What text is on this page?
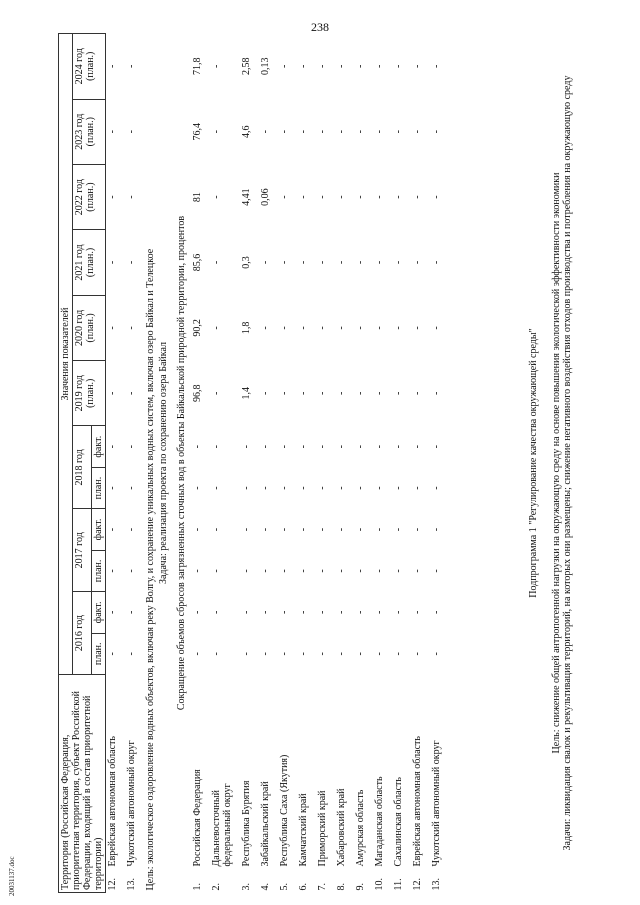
238
20031137.doc	Территория (Российская Федерация, приоритетная территория, субъект Российской Федерации, входящий в состав приоритетной территории)		Значения показателей											
		2016 год		2017 год		2018 год		2019 год (план.)	2020 год (план.)	2021 год (план.)	2022 год (план.)	2023 год (план.)	2024 год (план.)
		план.	факт.	план.	факт.	план.	факт.						
12.	Еврейская автономная область	-	-	-	-	-	-	-	-	-	-	-	-
13.	Чукотский автономный округ	-	-	-	-	-	-	-	-	-	-	-	-
Цель: экологическое оздоровление водных объектов, включая реку Волгу, и сохранение уникальных водных систем, включая озеро Байкал и Телецкое													
Задача: реализация проекта по сохранению озера Байкал													
Сокращение объемов сбросов загрязненных сточных вод в объекты Байкальской природной территории, процентов													
1.	Российская Федерация	-	-	-	-	-	-	96,8	90,2	85,6	81	76,4	71,8
2.	Дальневосточный федеральный округ	-	-	-	-	-	-	-	-	-	-	-	-
3.	Республика Бурятия	-	-	-	-	-	-	1,4	1,8	0,3	4,41	4,6	2,58
4.	Забайкальский край	-	-	-	-	-	-	-	-	-	0,06	-	0,13
5.	Республика Саха (Якутия)	-	-	-	-	-	-	-	-	-	-	-	-
6.	Камчатский край	-	-	-	-	-	-	-	-	-	-	-	-
7.	Приморский край	-	-	-	-	-	-	-	-	-	-	-	-
8.	Хабаровский край	-	-	-	-	-	-	-	-	-	-	-	-
9.	Амурская область	-	-	-	-	-	-	-	-	-	-	-	-
10.	Магаданская область	-	-	-	-	-	-	-	-	-	-	-	-
11.	Сахалинская область	-	-	-	-	-	-	-	-	-	-	-	-
12.	Еврейская автономная область	-	-	-	-	-	-	-	-	-	-	-	-
13.	Чукотский автономный округ	-	-	-	-	-	-	-	-	-	-	-	-

Подпрограмма 1 "Регулирование качества окружающей среды" Цель: снижение общей антропогенной нагрузки на окружающую среду на основе повышения экологической эффективности экономики Задачи: ликвидация свалок и рекультивация территорий, на которых они размещены; снижение негативного воздействия отходов производства и потребления на окружающую среду
